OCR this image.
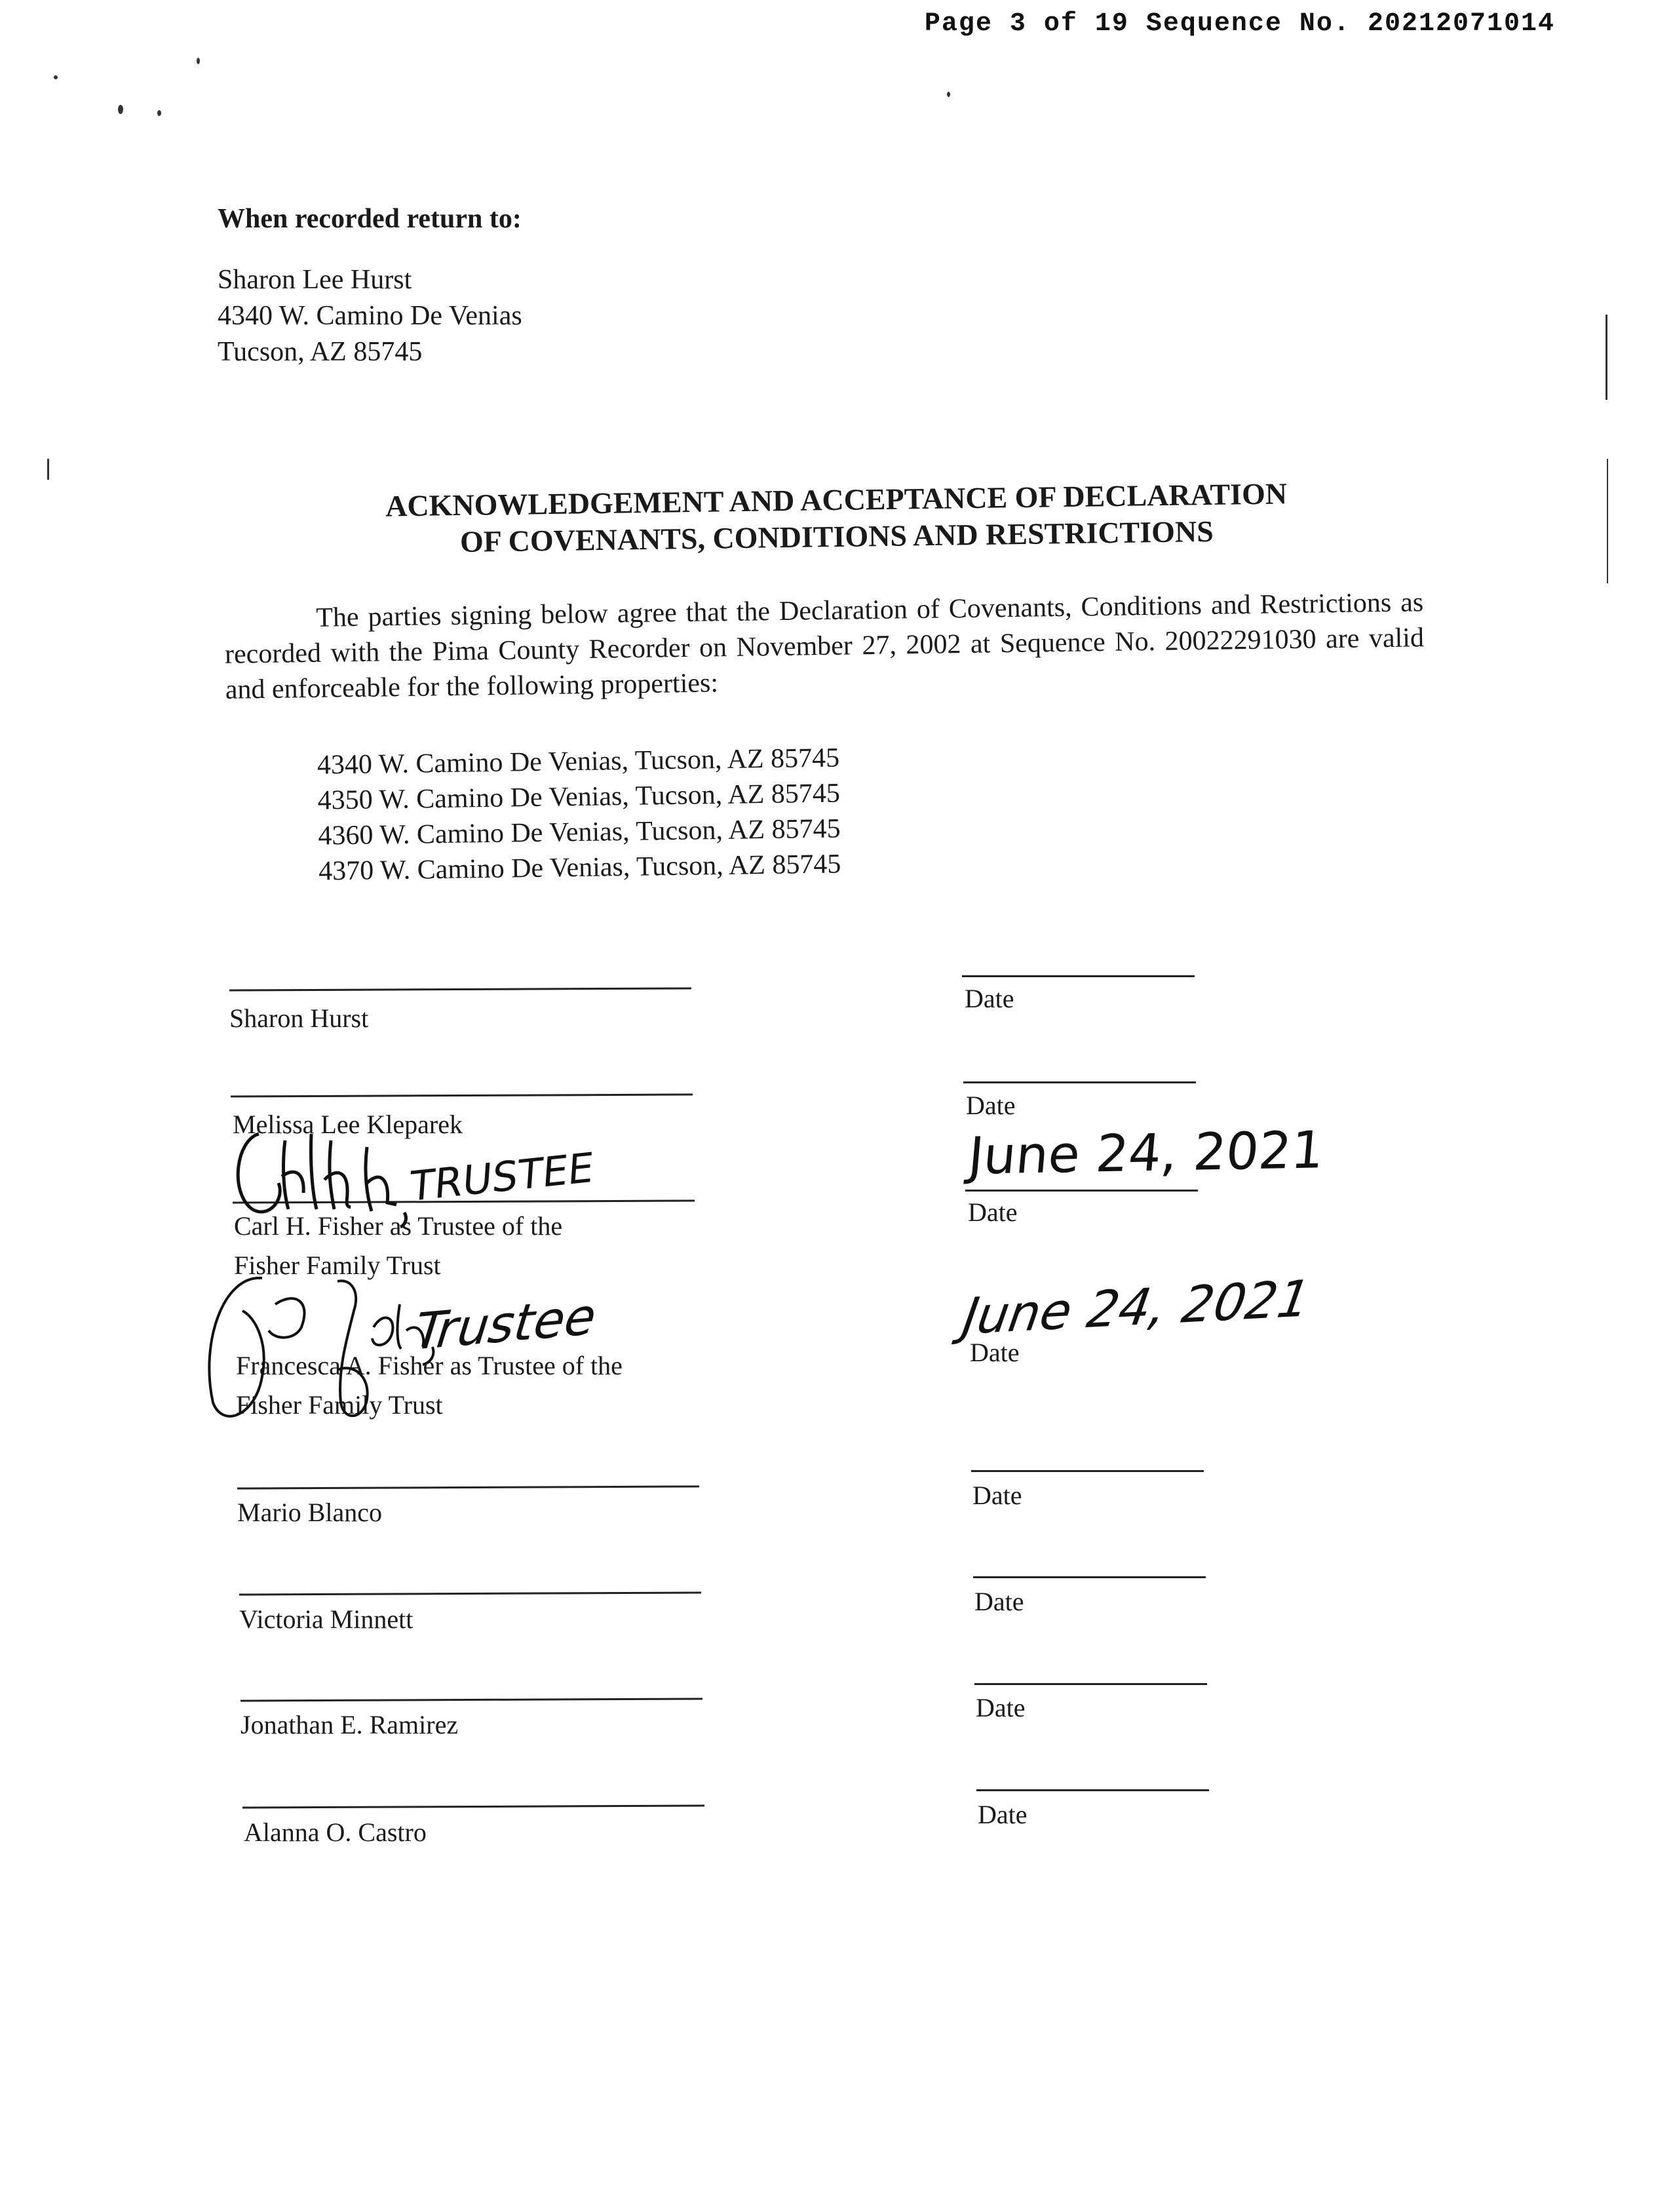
Page 3 of 19 Sequence No. 20212071014
When recorded return to:
Sharon Lee Hurst
4340 W. Camino De Venias
Tucson, AZ 85745
ACKNOWLEDGEMENT AND ACCEPTANCE OF DECLARATION
OF COVENANTS, CONDITIONS AND RESTRICTIONS
The parties signing below agree that the Declaration of Covenants, Conditions and Restrictions as recorded with the Pima County Recorder on November 27, 2002 at Sequence No. 20022291030 are valid and enforceable for the following properties:
4340 W. Camino De Venias, Tucson, AZ 85745
4350 W. Camino De Venias, Tucson, AZ 85745
4360 W. Camino De Venias, Tucson, AZ 85745
4370 W. Camino De Venias, Tucson, AZ 85745
Sharon Hurst
Date
Melissa Lee Kleparek
Date
Carl H. Fisher as Trustee of the
Fisher Family Trust
Date
June 24, 2021
TRUSTEE
Francesca A. Fisher as Trustee of the
Fisher Family Trust
Date
June 24, 2021
Trustee
Mario Blanco
Date
Victoria Minnett
Date
Jonathan E. Ramirez
Date
Alanna O. Castro
Date
